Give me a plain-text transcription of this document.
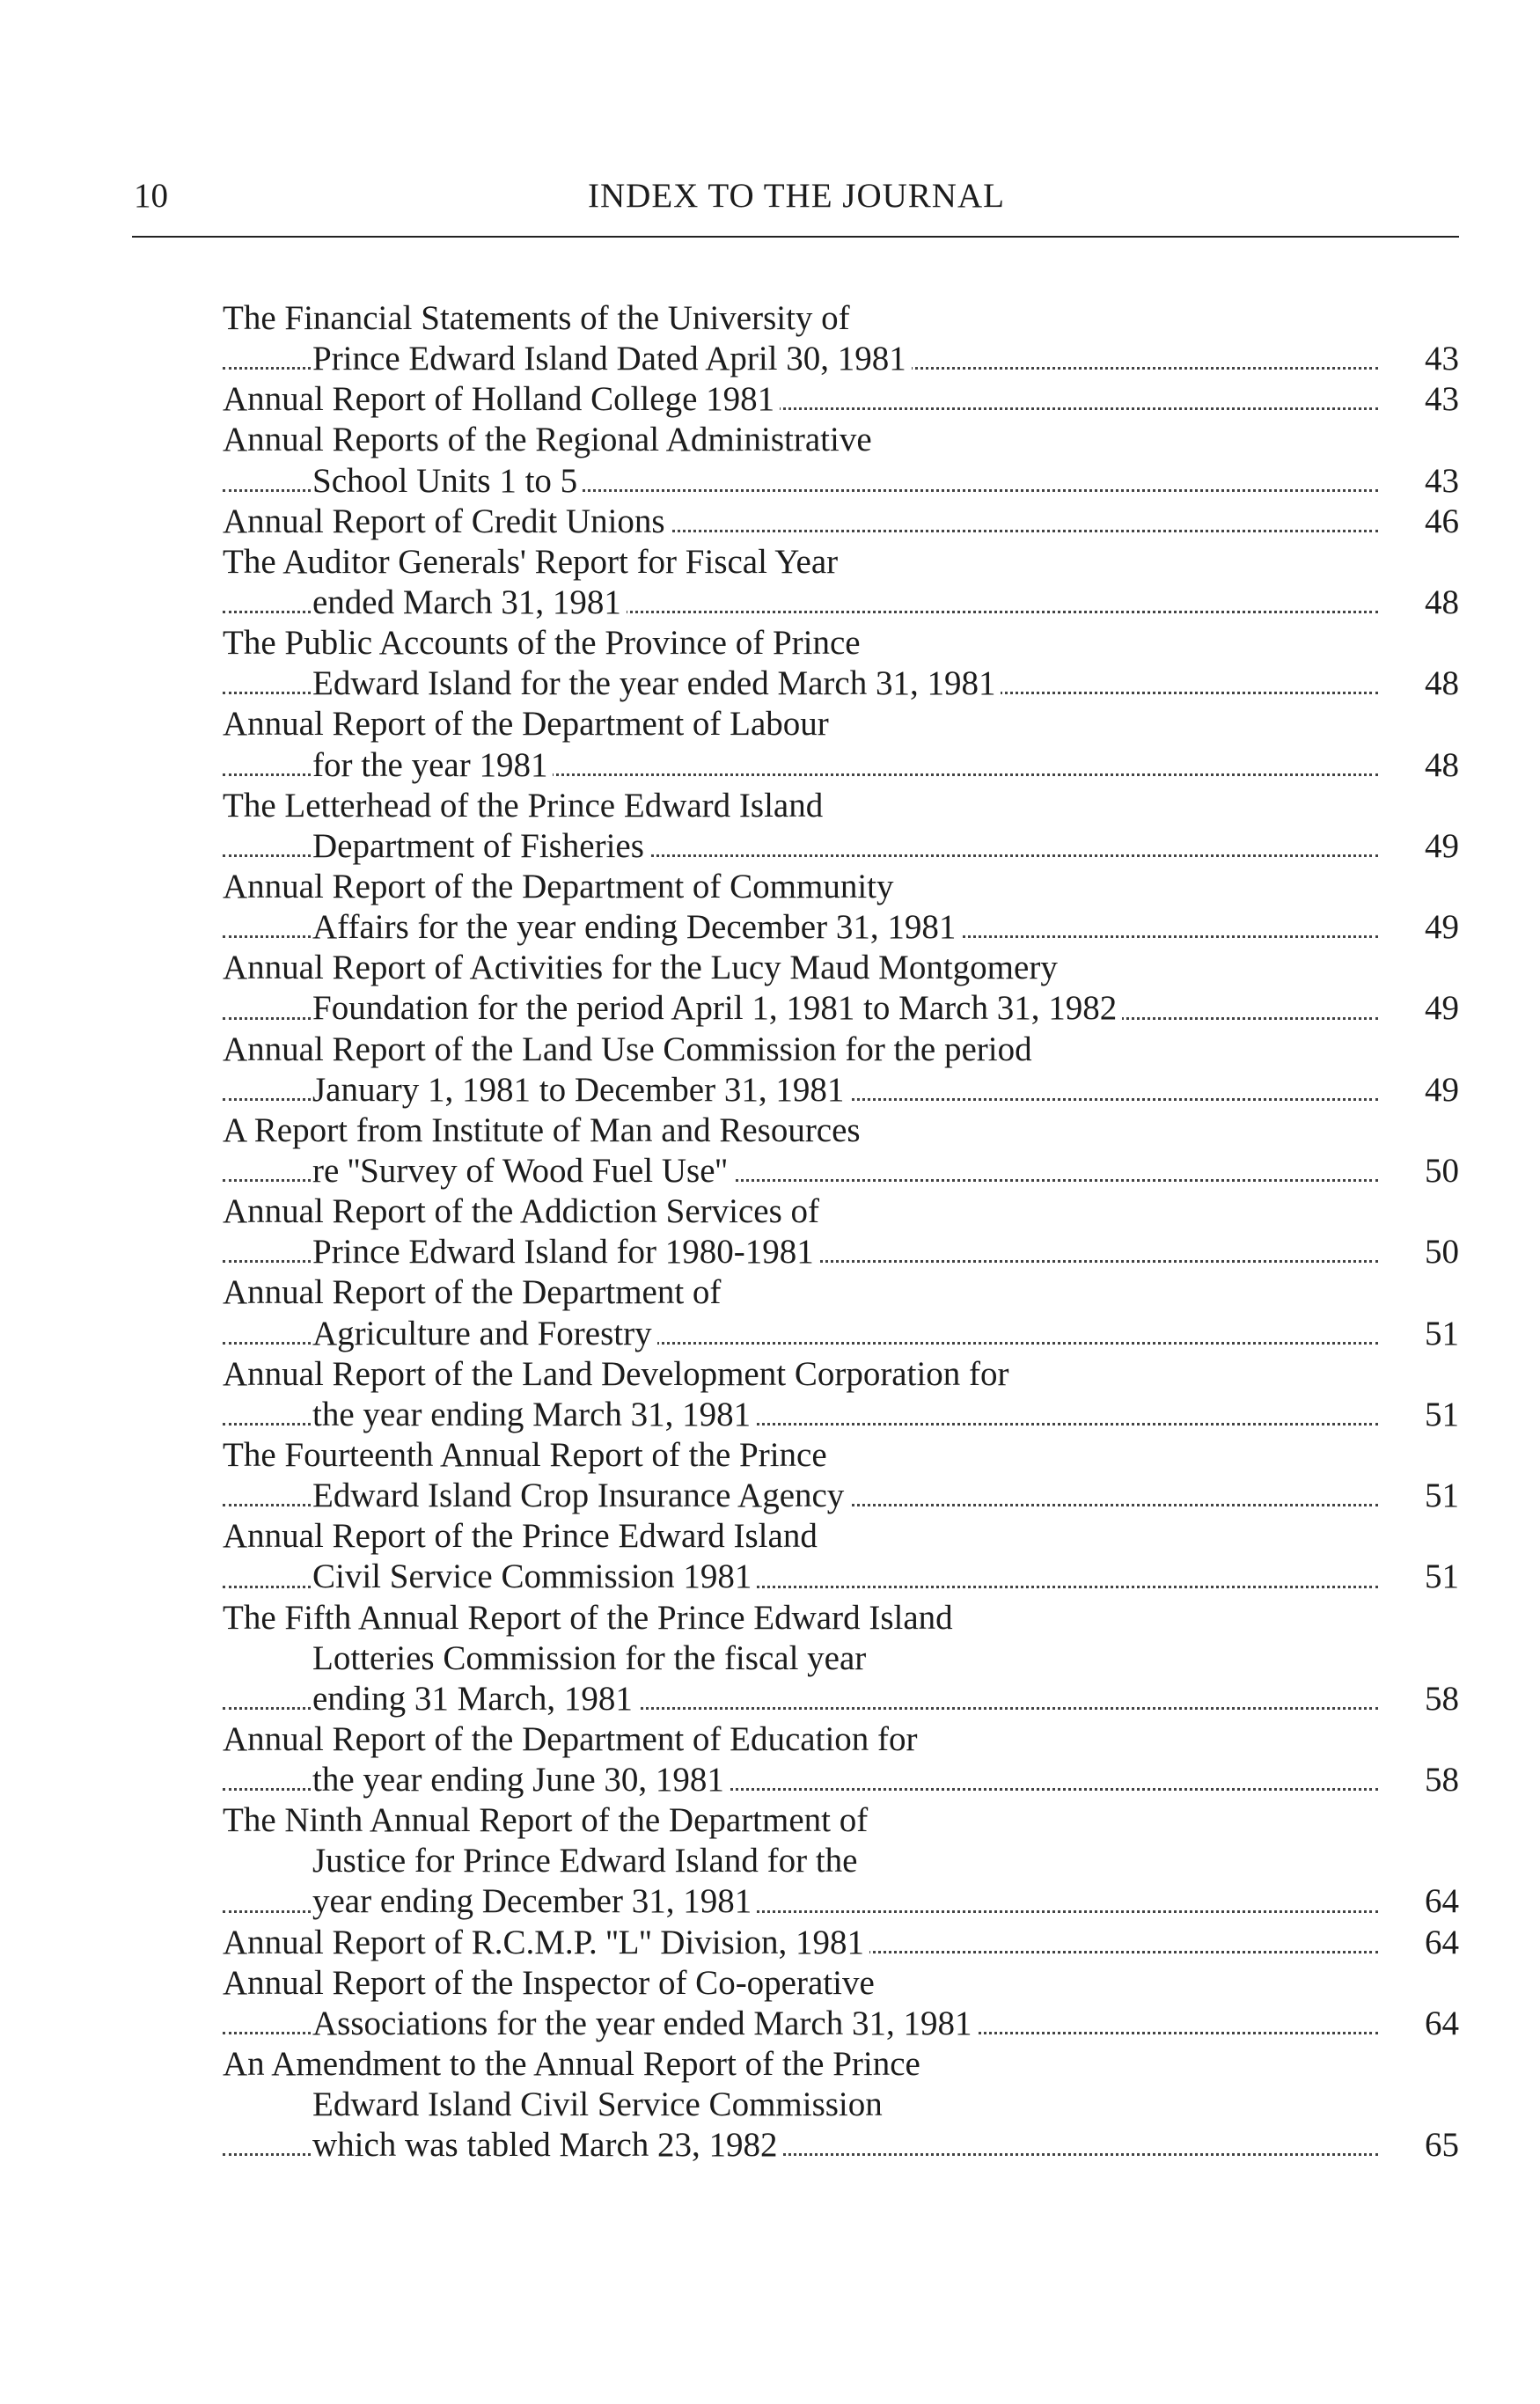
10	INDEX TO THE JOURNAL
The Financial Statements of the University of
Prince Edward Island Dated April 30, 1981	43
Annual Report of Holland College 1981	43
Annual Reports of the Regional Administrative
School Units 1 to 5	43
Annual Report of Credit Unions	46
The Auditor Generals' Report for Fiscal Year
ended March 31, 1981	48
The Public Accounts of the Province of Prince
Edward Island for the year ended March 31, 1981	48
Annual Report of the Department of Labour
for the year 1981	48
The Letterhead of the Prince Edward Island
Department of Fisheries	49
Annual Report of the Department of Community
Affairs for the year ending December 31, 1981	49
Annual Report of Activities for the Lucy Maud Montgomery
Foundation for the period April 1, 1981 to March 31, 1982	49
Annual Report of the Land Use Commission for the period
January 1, 1981 to December 31, 1981	49
A Report from Institute of Man and Resources
re ''Survey of Wood Fuel Use''	50
Annual Report of the Addiction Services of
Prince Edward Island for 1980-1981	50
Annual Report of the Department of
Agriculture and Forestry	51
Annual Report of the Land Development Corporation for
the year ending March 31, 1981	51
The Fourteenth Annual Report of the Prince
Edward Island Crop Insurance Agency	51
Annual Report of the Prince Edward Island
Civil Service Commission 1981	51
The Fifth Annual Report of the Prince Edward Island
Lotteries Commission for the fiscal year
ending 31 March, 1981	58
Annual Report of the Department of Education for
the year ending June 30, 1981	58
The Ninth Annual Report of the Department of
Justice for Prince Edward Island for the
year ending December 31, 1981	64
Annual Report of R.C.M.P. ''L'' Division, 1981	64
Annual Report of the Inspector of Co-operative
Associations for the year ended March 31, 1981	64
An Amendment to the Annual Report of the Prince
Edward Island Civil Service Commission
which was tabled March 23, 1982	65
